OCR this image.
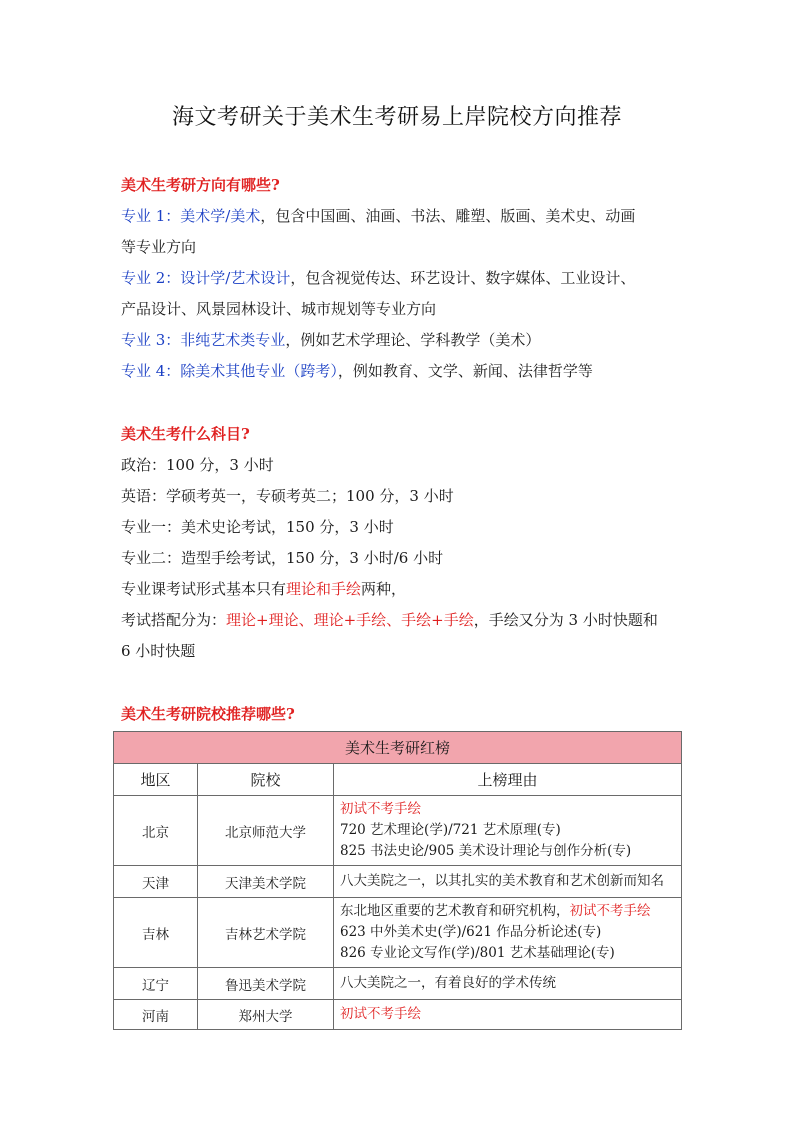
海文考研关于美术生考研易上岸院校方向推荐
美术生考研方向有哪些?
专业 1：美术学/美术，包含中国画、油画、书法、雕塑、版画、美术史、动画
等专业方向
专业 2：设计学/艺术设计，包含视觉传达、环艺设计、数字媒体、工业设计、
产品设计、风景园林设计、城市规划等专业方向
专业 3：非纯艺术类专业，例如艺术学理论、学科教学（美术）
专业 4：除美术其他专业（跨考），例如教育、文学、新闻、法律哲学等
美术生考什么科目?
政治：100 分，3 小时
英语：学硕考英一，专硕考英二；100 分，3 小时
专业一：美术史论考试，150 分，3 小时
专业二：造型手绘考试，150 分，3 小时/6 小时
专业课考试形式基本只有理论和手绘两种，
考试搭配分为：理论+理论、理论+手绘、手绘+手绘，手绘又分为 3 小时快题和
6 小时快题
美术生考研院校推荐哪些?
美术生考研红榜		
地区	院校	上榜理由
北京	北京师范大学	初试不考手绘
720 艺术理论(学)/721 艺术原理(专)
825 书法史论/905 美术设计理论与创作分析(专)

天津	天津美术学院	八大美院之一，以其扎实的美术教育和艺术创新而知名

吉林	吉林艺术学院	东北地区重要的艺术教育和研究机构，初试不考手绘
623 中外美术史(学)/621 作品分析论述(专)
826 专业论文写作(学)/801 艺术基础理论(专)

辽宁	鲁迅美术学院	八大美院之一，有着良好的学术传统

河南	郑州大学	初试不考手绘
